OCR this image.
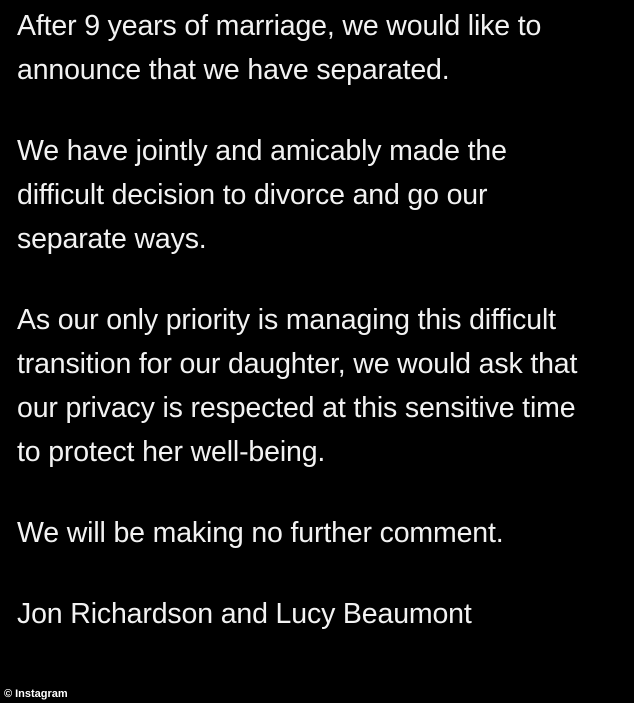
After 9 years of marriage, we would like to
announce that we have separated.
We have jointly and amicably made the
difficult decision to divorce and go our
separate ways.
As our only priority is managing this difficult
transition for our daughter, we would ask that
our privacy is respected at this sensitive time
to protect her well-being.
We will be making no further comment.
Jon Richardson and Lucy Beaumont
© Instagram
